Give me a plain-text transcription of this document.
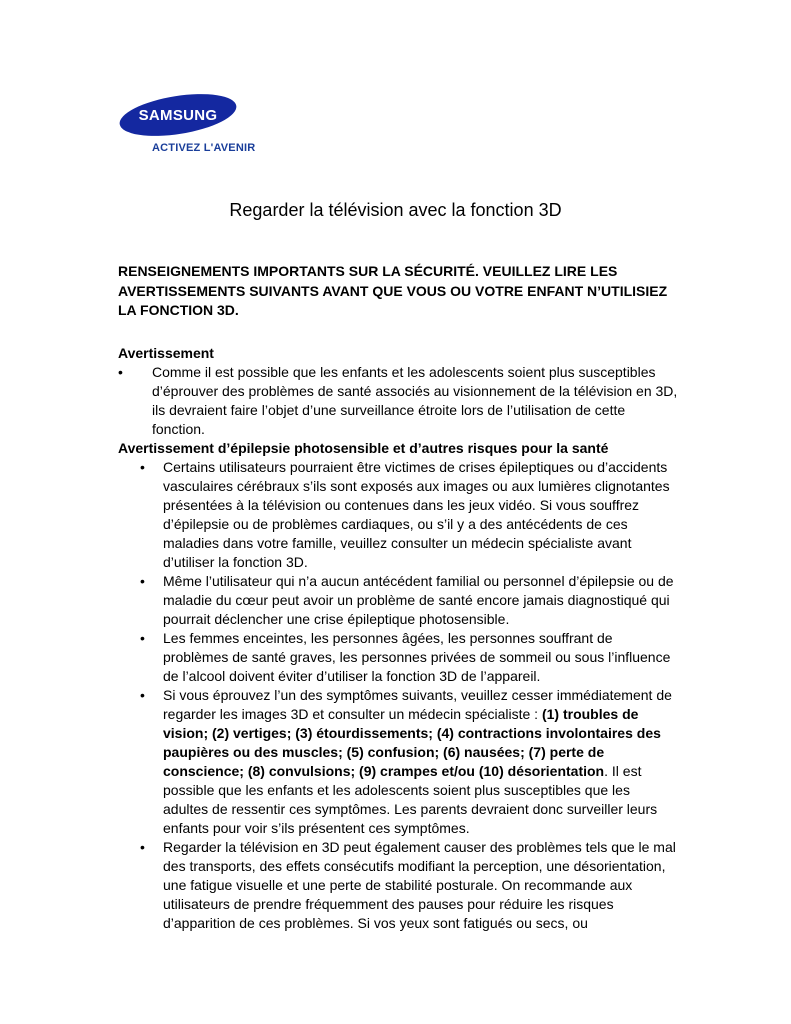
SAMSUNG
ACTIVEZ L'AVENIR
Regarder la télévision avec la fonction 3D

RENSEIGNEMENTS IMPORTANTS SUR LA SÉCURITÉ. VEUILLEZ LIRE LES AVERTISSEMENTS SUIVANTS AVANT QUE VOUS OU VOTRE ENFANT N’UTILISIEZ LA FONCTION 3D.

Avertissement

• Comme il est possible que les enfants et les adolescents soient plus susceptibles d’éprouver des problèmes de santé associés au visionnement de la télévision en 3D, ils devraient faire l’objet d’une surveillance étroite lors de l’utilisation de cette fonction.

Avertissement d’épilepsie photosensible et d’autres risques pour la santé

• Certains utilisateurs pourraient être victimes de crises épileptiques ou d’accidents vasculaires cérébraux s’ils sont exposés aux images ou aux lumières clignotantes présentées à la télévision ou contenues dans les jeux vidéo. Si vous souffrez d’épilepsie ou de problèmes cardiaques, ou s’il y a des antécédents de ces maladies dans votre famille, veuillez consulter un médecin spécialiste avant d’utiliser la fonction 3D.
• Même l’utilisateur qui n’a aucun antécédent familial ou personnel d’épilepsie ou de maladie du cœur peut avoir un problème de santé encore jamais diagnostiqué qui pourrait déclencher une crise épileptique photosensible.
• Les femmes enceintes, les personnes âgées, les personnes souffrant de problèmes de santé graves, les personnes privées de sommeil ou sous l’influence de l’alcool doivent éviter d’utiliser la fonction 3D de l’appareil.
• Si vous éprouvez l’un des symptômes suivants, veuillez cesser immédiatement de regarder les images 3D et consulter un médecin spécialiste : (1) troubles de vision; (2) vertiges; (3) étourdissements; (4) contractions involontaires des paupières ou des muscles; (5) confusion; (6) nausées; (7) perte de conscience; (8) convulsions; (9) crampes et/ou (10) désorientation. Il est possible que les enfants et les adolescents soient plus susceptibles que les adultes de ressentir ces symptômes. Les parents devraient donc surveiller leurs enfants pour voir s’ils présentent ces symptômes.
• Regarder la télévision en 3D peut également causer des problèmes tels que le mal des transports, des effets consécutifs modifiant la perception, une désorientation, une fatigue visuelle et une perte de stabilité posturale. On recommande aux utilisateurs de prendre fréquemment des pauses pour réduire les risques d’apparition de ces problèmes. Si vos yeux sont fatigués ou secs, ou
